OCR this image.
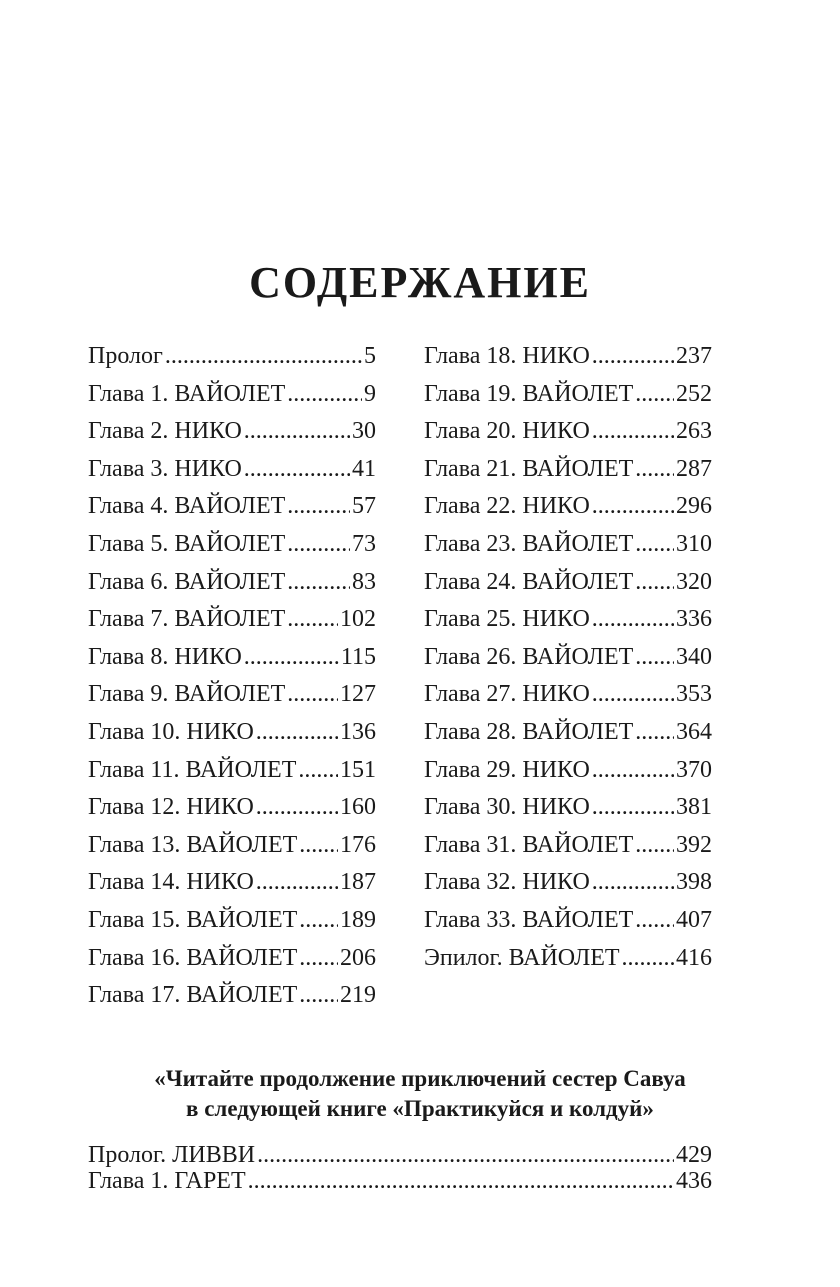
СОДЕРЖАНИЕ
Пролог . . .	5
Глава 1. ВАЙОЛЕТ . . .	9
Глава 2. НИКО . . .	30
Глава 3. НИКО . . .	41
Глава 4. ВАЙОЛЕТ . . .	57
Глава 5. ВАЙОЛЕТ . . .	73
Глава 6. ВАЙОЛЕТ . . .	83
Глава 7. ВАЙОЛЕТ . . . 102
Глава 8. НИКО . . .	115
Глава 9. ВАЙОЛЕТ . . . 127
Глава 10. НИКО . . .	136
Глава 11. ВАЙОЛЕТ . . . 151
Глава 12. НИКО . . .	160
Глава 13. ВАЙОЛЕТ . . . 176
Глава 14. НИКО . . .	187
Глава 15. ВАЙОЛЕТ . . . 189
Глава 16. ВАЙОЛЕТ . . . 206
Глава 17. ВАЙОЛЕТ . . . 219
Глава 18. НИКО . . .	237
Глава 19. ВАЙОЛЕТ . . . 252
Глава 20. НИКО . . .	263
Глава 21. ВАЙОЛЕТ . . . 287
Глава 22. НИКО . . .	296
Глава 23. ВАЙОЛЕТ . . . 310
Глава 24. ВАЙОЛЕТ . . . 320
Глава 25. НИКО . . .	336
Глава 26. ВАЙОЛЕТ . . . 340
Глава 27. НИКО . . .	353
Глава 28. ВАЙОЛЕТ . . . 364
Глава 29. НИКО . . .	370
Глава 30. НИКО . . .	381
Глава 31. ВАЙОЛЕТ . . . 392
Глава 32. НИКО . . .	398
Глава 33. ВАЙОЛЕТ . . . 407
Эпилог. ВАЙОЛЕТ . . . 416
«Читайте продолжение приключений сестер Савуа
в следующей книге «Практикуйся и колдуй»
Пролог. ЛИВВИ . . .	429
Глава 1. ГАРЕТ . . .	436
